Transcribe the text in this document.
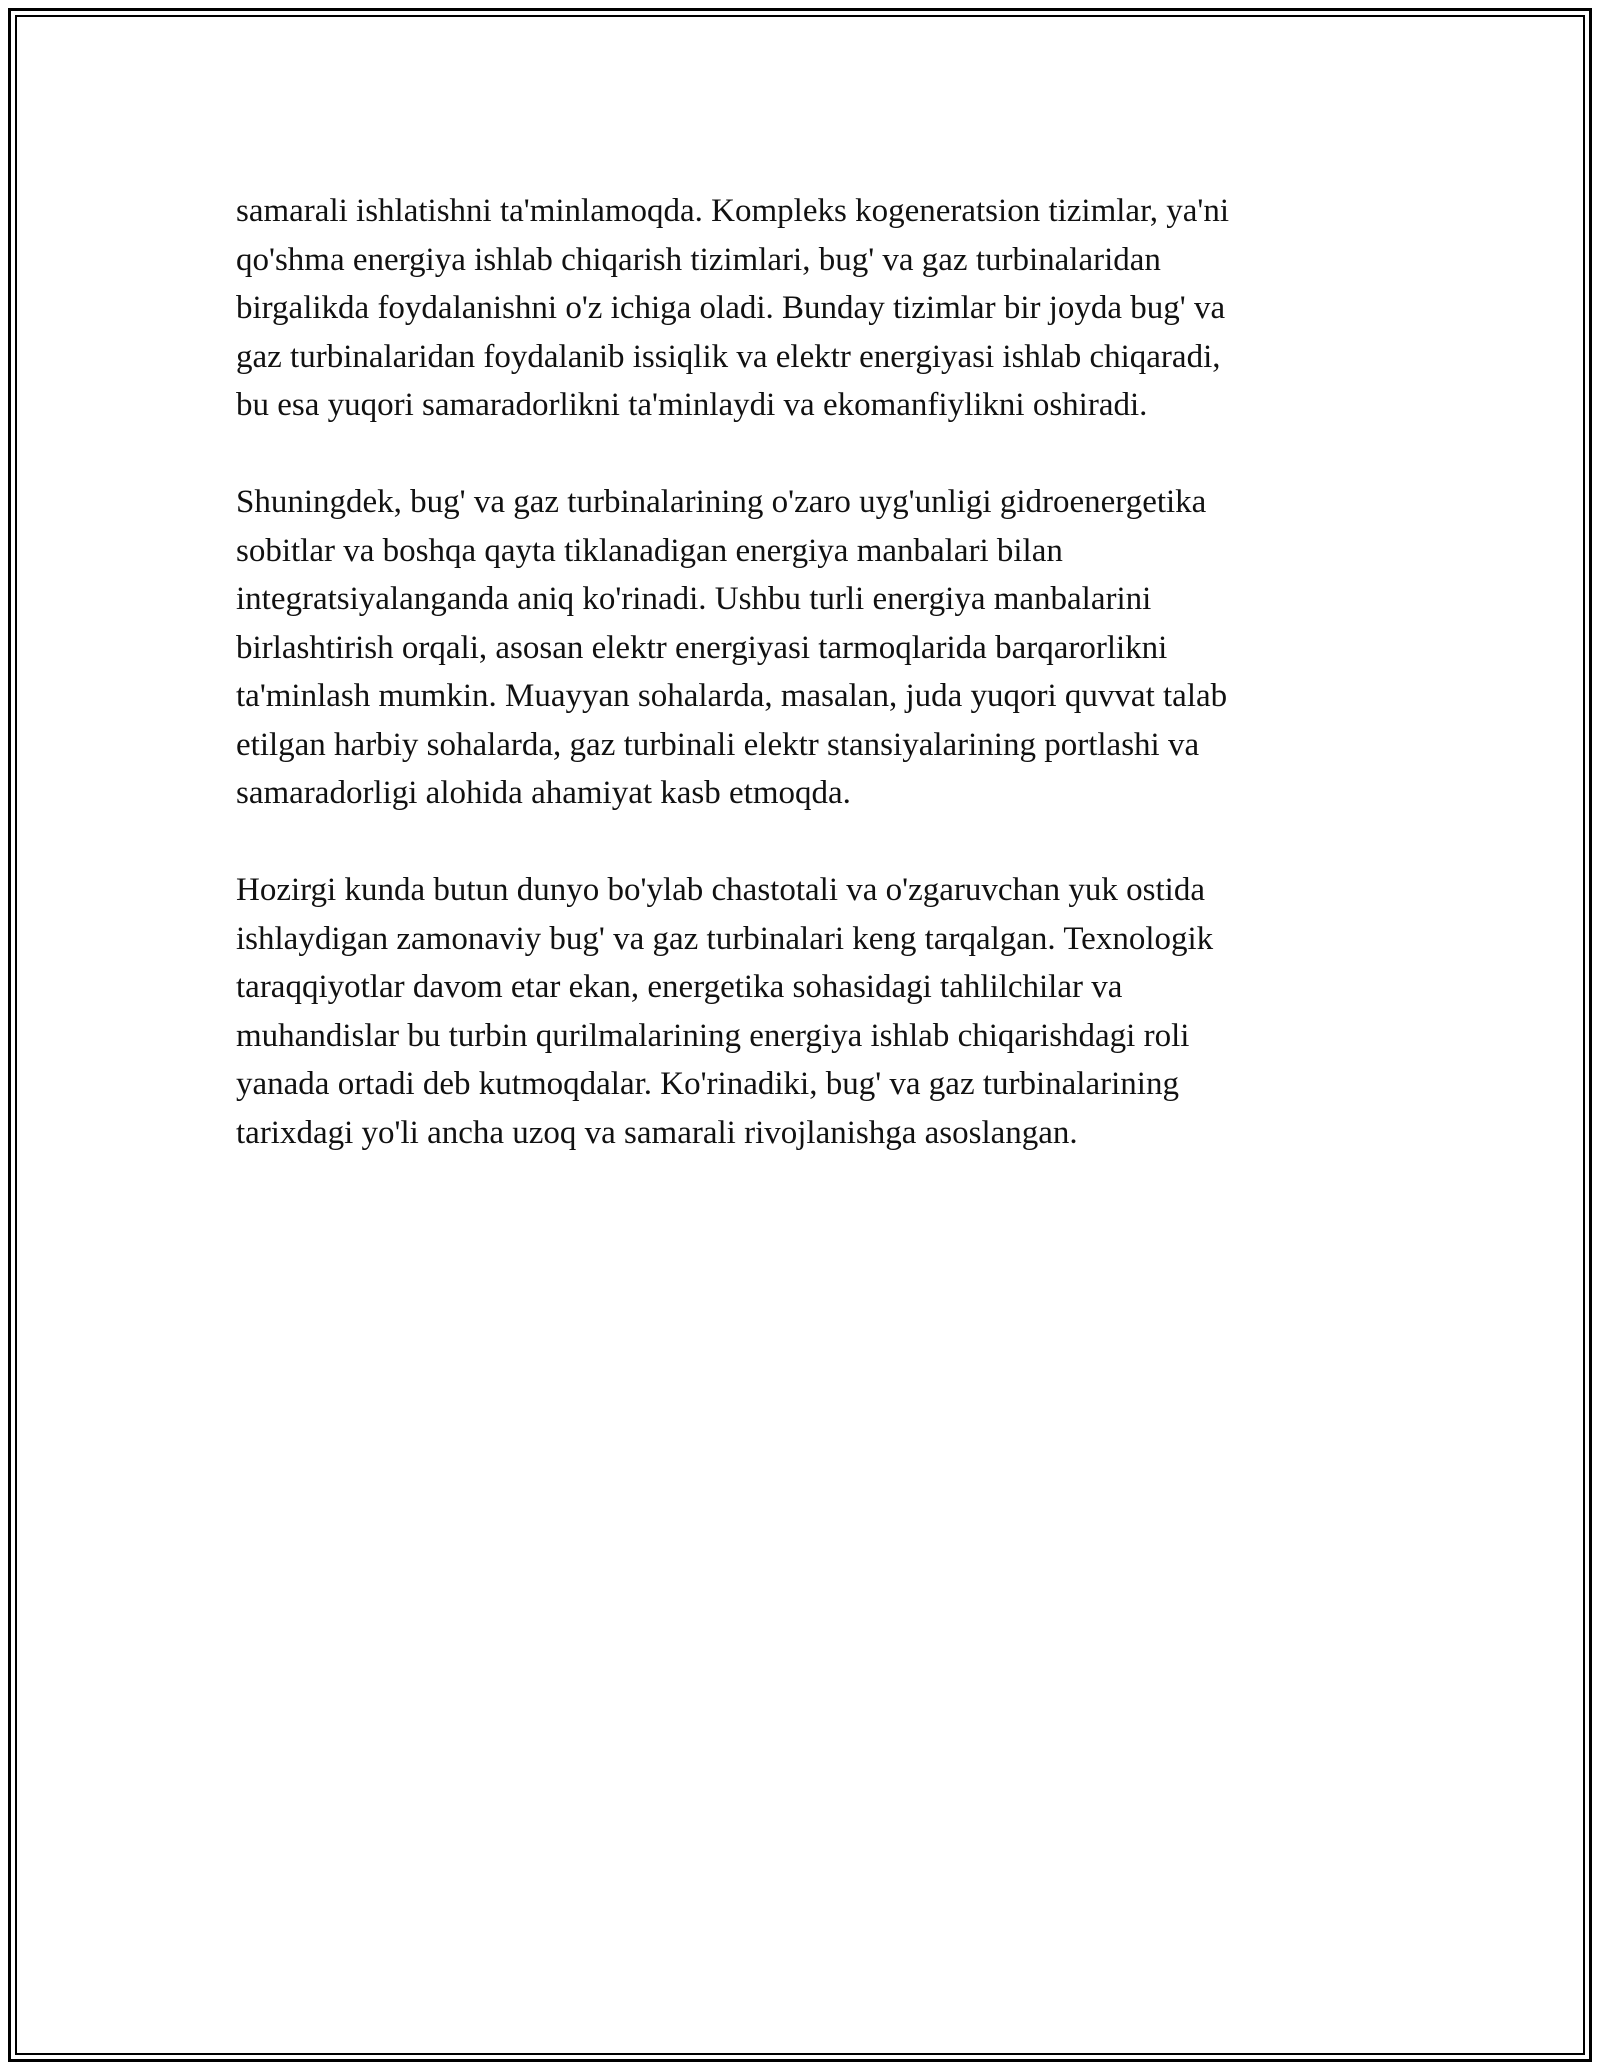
samarali ishlatishni ta'minlamoqda. Kompleks kogeneratsion tizimlar, ya'ni
qo'shma energiya ishlab chiqarish tizimlari, bug' va gaz turbinalaridan
birgalikda foydalanishni o'z ichiga oladi. Bunday tizimlar bir joyda bug' va
gaz turbinalaridan foydalanib issiqlik va elektr energiyasi ishlab chiqaradi,
bu esa yuqori samaradorlikni ta'minlaydi va ekomanfiylikni oshiradi.

Shuningdek, bug' va gaz turbinalarining o'zaro uyg'unligi gidroenergetika
sobitlar va boshqa qayta tiklanadigan energiya manbalari bilan
integratsiyalanganda aniq ko'rinadi. Ushbu turli energiya manbalarini
birlashtirish orqali, asosan elektr energiyasi tarmoqlarida barqarorlikni
ta'minlash mumkin. Muayyan sohalarda, masalan, juda yuqori quvvat talab
etilgan harbiy sohalarda, gaz turbinali elektr stansiyalarining portlashi va
samaradorligi alohida ahamiyat kasb etmoqda.

Hozirgi kunda butun dunyo bo'ylab chastotali va o'zgaruvchan yuk ostida
ishlaydigan zamonaviy bug' va gaz turbinalari keng tarqalgan. Texnologik
taraqqiyotlar davom etar ekan, energetika sohasidagi tahlilchilar va
muhandislar bu turbin qurilmalarining energiya ishlab chiqarishdagi roli
yanada ortadi deb kutmoqdalar. Ko'rinadiki, bug' va gaz turbinalarining
tarixdagi yo'li ancha uzoq va samarali rivojlanishga asoslangan.
